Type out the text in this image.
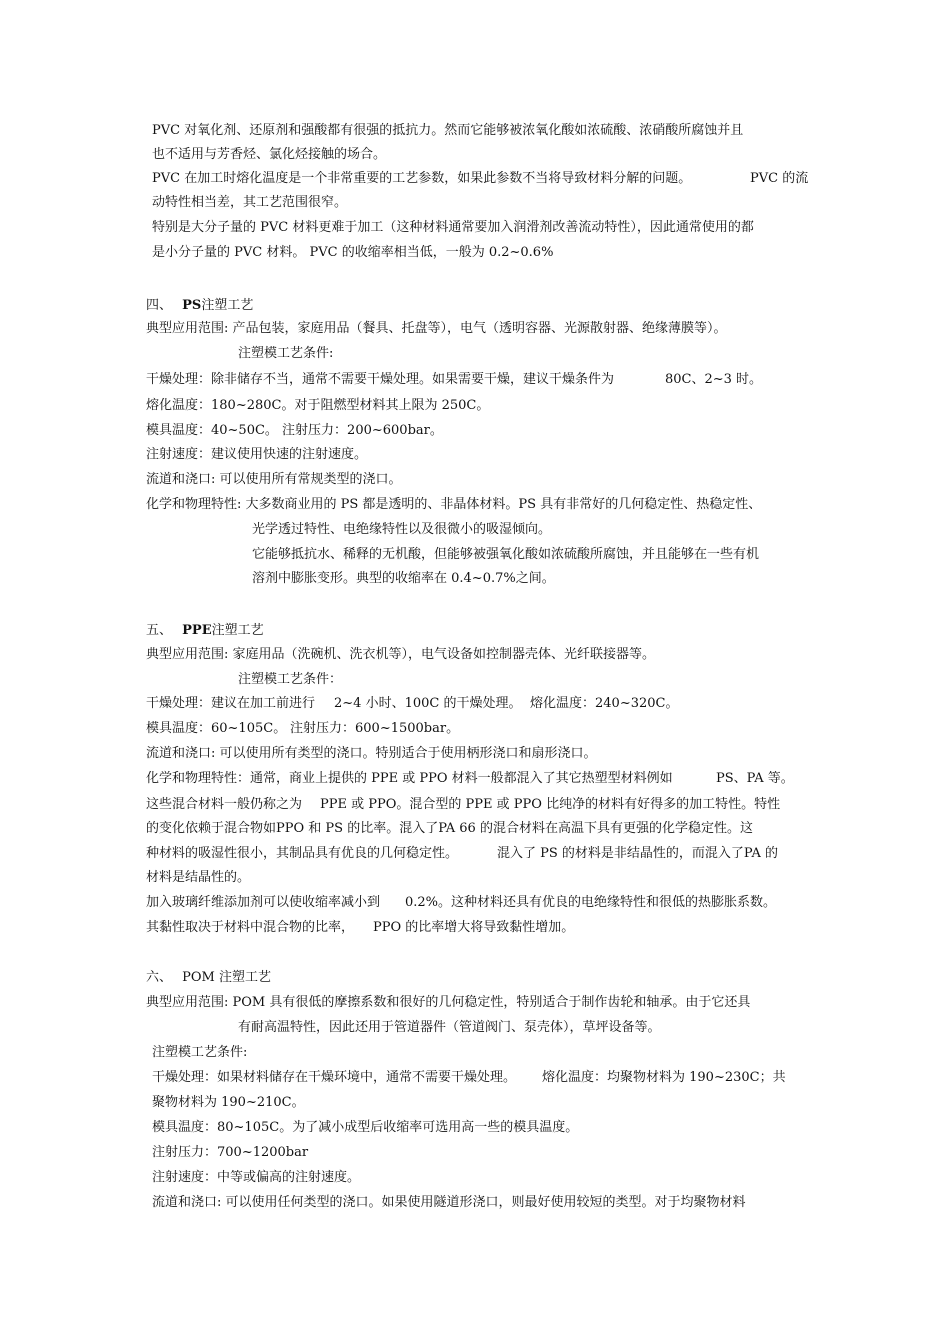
PVC 对氧化剂、还原剂和强酸都有很强的抵抗力。然而它能够被浓氧化酸如浓硫酸、浓硝酸所腐蚀并且
也不适用与芳香烃、氯化烃接触的场合。
PVC 在加工时熔化温度是一个非常重要的工艺参数，如果此参数不当将导致材料分解的问题。	PVC 的流
动特性相当差，其工艺范围很窄。
特别是大分子量的 PVC 材料更难于加工（这种材料通常要加入润滑剂改善流动特性），因此通常使用的都
是小分子量的 PVC 材料。 PVC 的收缩率相当低，一般为 0.2~0.6%
四、 PS注塑工艺
典型应用范围: 产品包装，家庭用品（餐具、托盘等），电气（透明容器、光源散射器、绝缘薄膜等）。
注塑模工艺条件:
干燥处理：除非储存不当，通常不需要干燥处理。如果需要干燥，建议干燥条件为	80C、2~3 时。
熔化温度：180~280C。对于阻燃型材料其上限为 250C。
模具温度：40~50C。 注射压力：200~600bar。
注射速度：建议使用快速的注射速度。
流道和浇口: 可以使用所有常规类型的浇口。
化学和物理特性: 大多数商业用的 PS 都是透明的、非晶体材料。PS 具有非常好的几何稳定性、热稳定性、
光学透过特性、电绝缘特性以及很微小的吸湿倾向。
它能够抵抗水、稀释的无机酸，但能够被强氧化酸如浓硫酸所腐蚀，并且能够在一些有机
溶剂中膨胀变形。典型的收缩率在 0.4~0.7%之间。
五、 PPE注塑工艺
典型应用范围: 家庭用品（洗碗机、洗衣机等），电气设备如控制器壳体、光纤联接器等。
注塑模工艺条件：
干燥处理：建议在加工前进行 2~4 小时、100C 的干燥处理。 熔化温度：240~320C。
模具温度：60~105C。 注射压力：600~1500bar。
流道和浇口: 可以使用所有类型的浇口。特别适合于使用柄形浇口和扇形浇口。
化学和物理特性：通常，商业上提供的 PPE 或 PPO 材料一般都混入了其它热塑型材料例如	PS、PA 等。
这些混合材料一般仍称之为 PPE 或 PPO。混合型的 PPE 或 PPO 比纯净的材料有好得多的加工特性。特性
的变化依赖于混合物如PPO 和 PS 的比率。混入了PA 66 的混合材料在高温下具有更强的化学稳定性。这
种材料的吸湿性很小，其制品具有优良的几何稳定性。	混入了 PS 的材料是非结晶性的，而混入了PA 的
材料是结晶性的。
加入玻璃纤维添加剂可以使收缩率减小到 0.2%。这种材料还具有优良的电绝缘特性和很低的热膨胀系数。
其黏性取决于材料中混合物的比率， PPO 的比率增大将导致黏性增加。
六、 POM 注塑工艺
典型应用范围: POM 具有很低的摩擦系数和很好的几何稳定性，特别适合于制作齿轮和轴承。由于它还具
有耐高温特性，因此还用于管道器件（管道阀门、泵壳体），草坪设备等。
注塑模工艺条件:
干燥处理：如果材料储存在干燥环境中，通常不需要干燥处理。 熔化温度：均聚物材料为 190~230C；共
聚物材料为 190~210C。
模具温度：80~105C。为了减小成型后收缩率可选用高一些的模具温度。
注射压力：700~1200bar
注射速度：中等或偏高的注射速度。
流道和浇口: 可以使用任何类型的浇口。如果使用隧道形浇口，则最好使用较短的类型。对于均聚物材料
